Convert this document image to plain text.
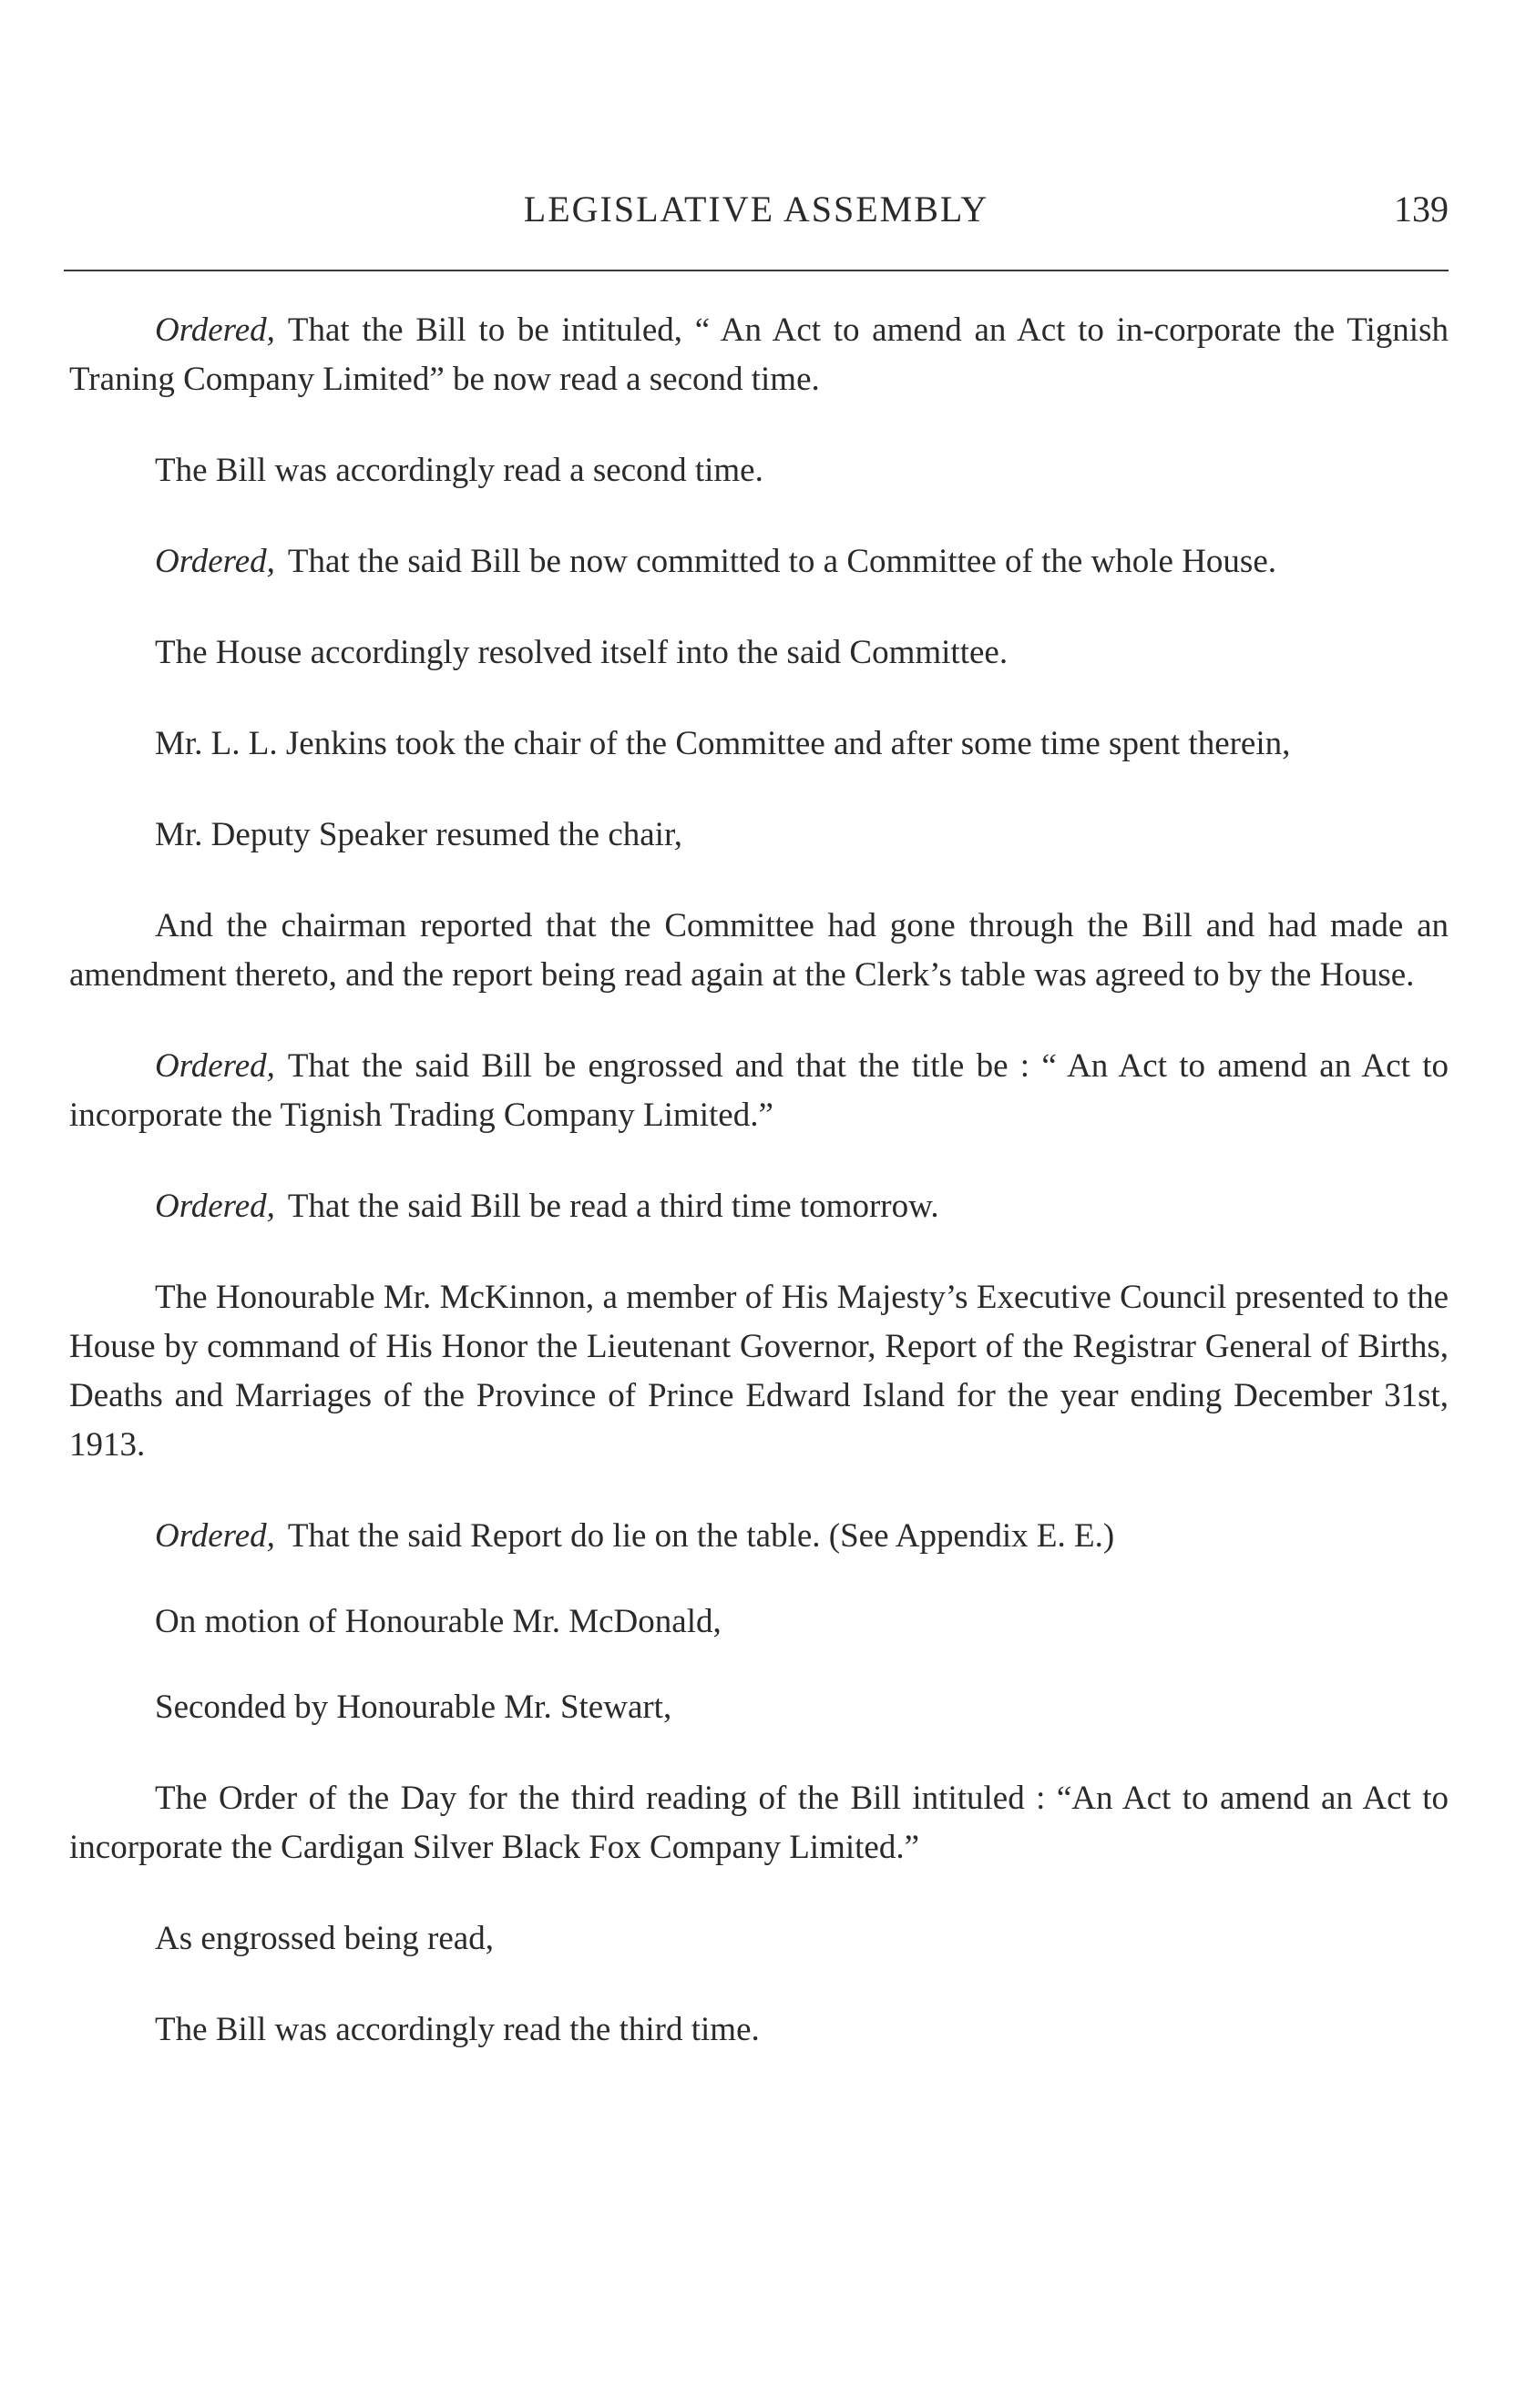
LEGISLATIVE ASSEMBLY	139

Ordered, That the Bill to be intituled, “ An Act to amend an Act to in-corporate the Tignish Traning Company Limited” be now read a second time.

The Bill was accordingly read a second time.

Ordered, That the said Bill be now committed to a Committee of the whole House.

The House accordingly resolved itself into the said Committee.

Mr. L. L. Jenkins took the chair of the Committee and after some time spent therein,

Mr. Deputy Speaker resumed the chair,

And the chairman reported that the Committee had gone through the Bill and had made an amendment thereto, and the report being read again at the Clerk’s table was agreed to by the House.

Ordered, That the said Bill be engrossed and that the title be : “ An Act to amend an Act to incorporate the Tignish Trading Company Limited.”

Ordered, That the said Bill be read a third time tomorrow.

The Honourable Mr. McKinnon, a member of His Majesty’s Executive Council presented to the House by command of His Honor the Lieutenant Governor, Report of the Registrar General of Births, Deaths and Marriages of the Province of Prince Edward Island for the year ending December 31st, 1913.

Ordered, That the said Report do lie on the table. (See Appendix E. E.)

On motion of Honourable Mr. McDonald,

Seconded by Honourable Mr. Stewart,

The Order of the Day for the third reading of the Bill intituled : “An Act to amend an Act to incorporate the Cardigan Silver Black Fox Company Limited.”

As engrossed being read,

The Bill was accordingly read the third time.
